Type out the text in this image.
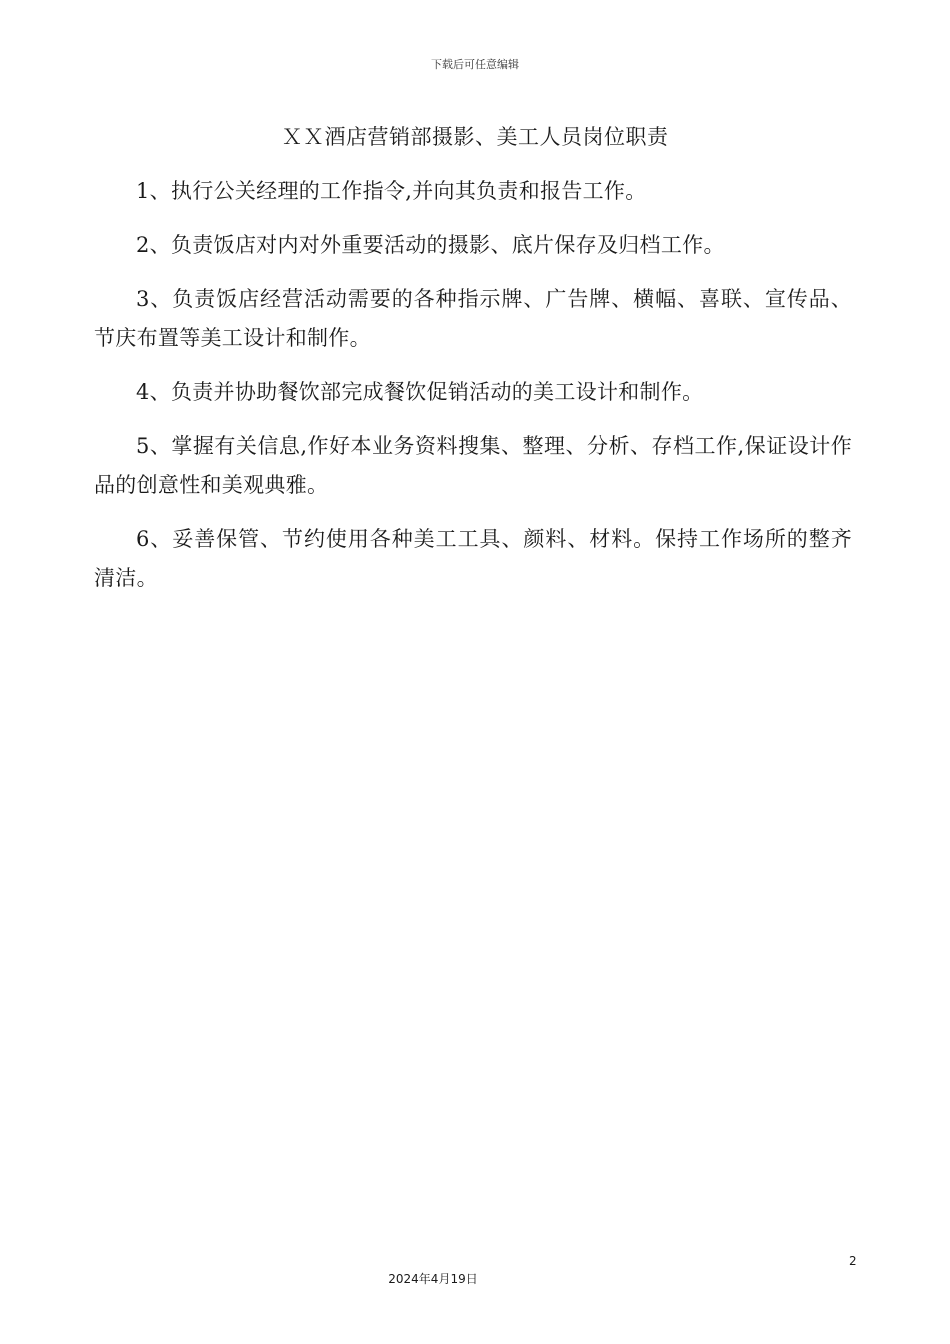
下载后可任意编辑
ＸＸ酒店营销部摄影、美工人员岗位职责

1、执行公关经理的工作指令,并向其负责和报告工作。

2、负责饭店对内对外重要活动的摄影、底片保存及归档工作。

3、负责饭店经营活动需要的各种指示牌、广告牌、横幅、喜联、宣传品、节庆布置等美工设计和制作。

4、负责并协助餐饮部完成餐饮促销活动的美工设计和制作。

5、掌握有关信息,作好本业务资料搜集、整理、分析、存档工作,保证设计作品的创意性和美观典雅。

6、妥善保管、节约使用各种美工工具、颜料、材料。保持工作场所的整齐清洁。

2
2024年4月19日
